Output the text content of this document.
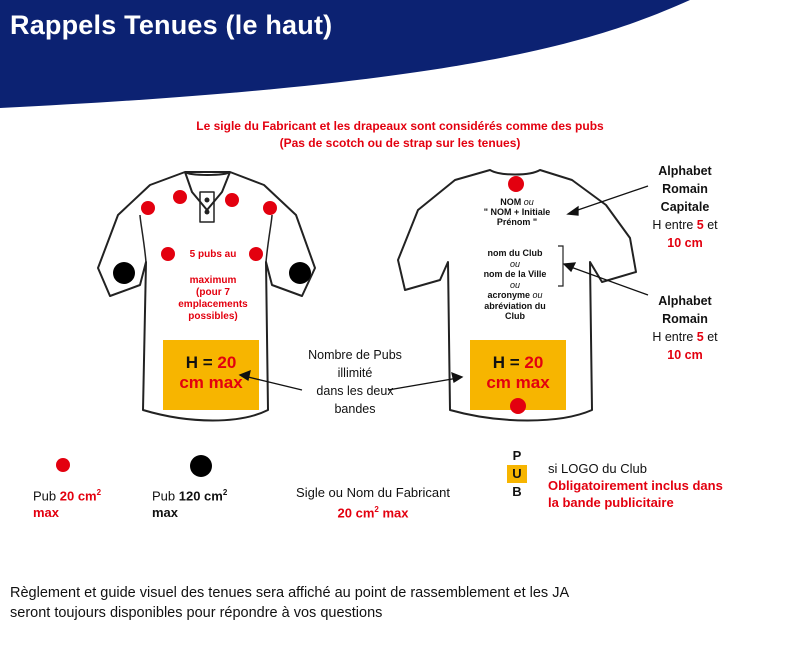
Rappels Tenues (le haut)
Le sigle du Fabricant et les drapeaux sont considérés comme des pubs
(Pas de scotch ou de strap sur les tenues)
5 pubs au
maximum
(pour 7
emplacements
possibles)
H = 20
cm max
Nombre de Pubs
illimité
dans les deux
bandes
NOM ou
" NOM + Initiale
Prénom "
nom du Club
ou
nom de la Ville
ou
acronyme ou
abréviation du
Club
H = 20
cm max
Alphabet
Romain
Capitale
H entre 5 et
10 cm
Alphabet
Romain
H entre 5 et
10 cm
Pub 20 $cm^2$
max
Pub 120 $cm^2$
max
Sigle ou Nom du Fabricant
20 $cm^2$ max
P
U
B
si LOGO du Club
Obligatoirement inclus dans
la bande publicitaire
Règlement et guide visuel des tenues sera affiché au point de rassemblement et les JA
seront toujours disponibles pour répondre à vos questions
